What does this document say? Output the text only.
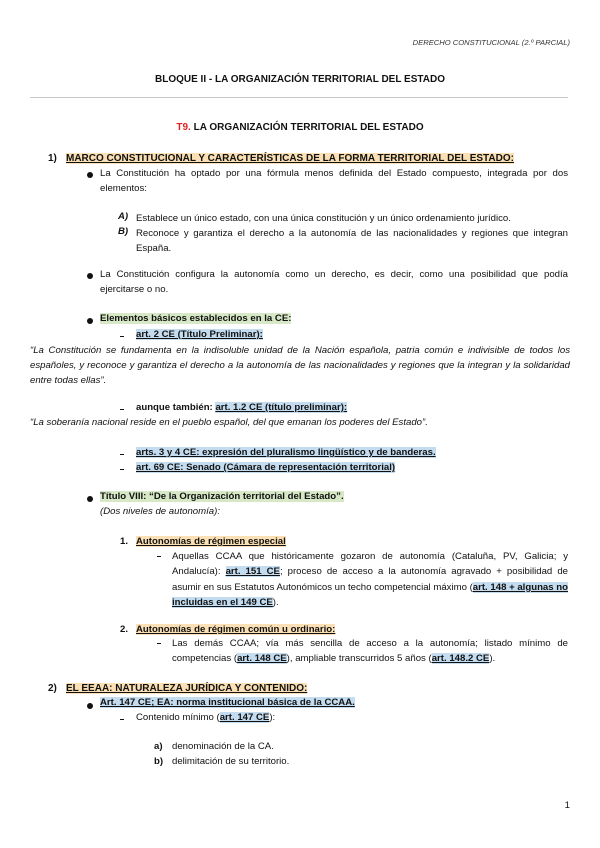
DERECHO CONSTITUCIONAL (2.º PARCIAL)
BLOQUE II - LA ORGANIZACIÓN TERRITORIAL DEL ESTADO
T9. LA ORGANIZACIÓN TERRITORIAL DEL ESTADO
1) MARCO CONSTITUCIONAL Y CARACTERÍSTICAS DE LA FORMA TERRITORIAL DEL ESTADO:
La Constitución ha optado por una fórmula menos definida del Estado compuesto, integrada por dos elementos:
A) Establece un único estado, con una única constitución y un único ordenamiento jurídico.
B) Reconoce y garantiza el derecho a la autonomía de las nacionalidades y regiones que integran España.
La Constitución configura la autonomía como un derecho, es decir, como una posibilidad que podía ejercitarse o no.
Elementos básicos establecidos en la CE:
art. 2 CE (Título Preliminar):
“La Constitución se fundamenta en la indisoluble unidad de la Nación española, patria común e indivisible de todos los españoles, y reconoce y garantiza el derecho a la autonomía de las nacionalidades y regiones que la integran y la solidaridad entre todas ellas”.
aunque también: art. 1.2 CE (título preliminar):
“La soberanía nacional reside en el pueblo español, del que emanan los poderes del Estado”.
arts. 3 y 4 CE: expresión del pluralismo lingüístico y de banderas.
art. 69 CE: Senado (Cámara de representación territorial)
Título VIII: “De la Organización territorial del Estado”.
(Dos niveles de autonomía):
1. Autonomías de régimen especial
Aquellas CCAA que históricamente gozaron de autonomía (Cataluña, PV, Galicia; y Andalucía): art. 151 CE; proceso de acceso a la autonomía agravado + posibilidad de asumir en sus Estatutos Autonómicos un techo competencial máximo (art. 148 + algunas no incluidas en el 149 CE).
2. Autonomías de régimen común u ordinario:
Las demás CCAA; vía más sencilla de acceso a la autonomía; listado mínimo de competencias (art. 148 CE), ampliable transcurridos 5 años (art. 148.2 CE).
2) EL EEAA: NATURALEZA JURÍDICA Y CONTENIDO:
Art. 147 CE; EA: norma institucional básica de la CCAA.
Contenido mínimo (art. 147 CE):
a) denominación de la CA.
b) delimitación de su territorio.
1
